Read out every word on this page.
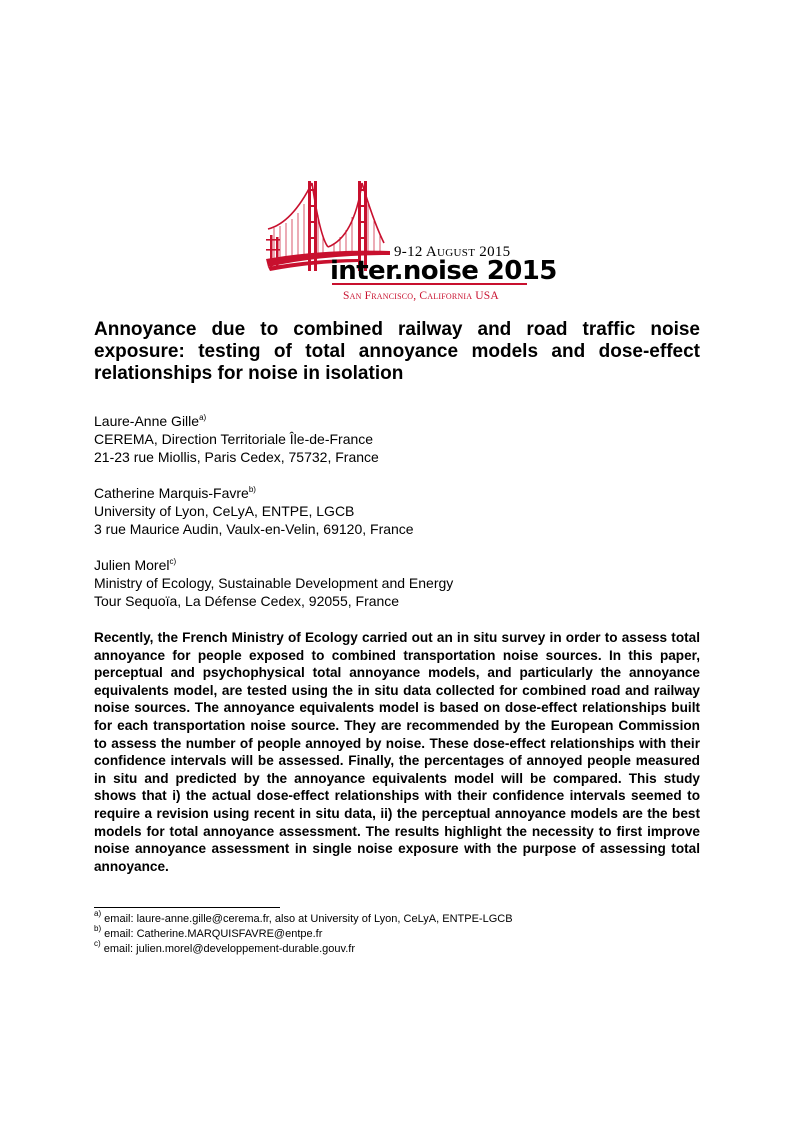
9-12 August 2015
inter.noise 2015
San Francisco, California USA
Annoyance due to combined railway and road traffic noise exposure: testing of total annoyance models and dose-effect relationships for noise in isolation
Laure-Anne Gille$^{a)}$
CEREMA, Direction Territoriale Île-de-France
21-23 rue Miollis, Paris Cedex, 75732, France
Catherine Marquis-Favre$^{b)}$
University of Lyon, CeLyA, ENTPE, LGCB
3 rue Maurice Audin, Vaulx-en-Velin, 69120, France
Julien Morel$^{c)}$
Ministry of Ecology, Sustainable Development and Energy
Tour Sequoïa, La Défense Cedex, 92055, France

Recently, the French Ministry of Ecology carried out an in situ survey in order to assess total annoyance for people exposed to combined transportation noise sources. In this paper, perceptual and psychophysical total annoyance models, and particularly the annoyance equivalents model, are tested using the in situ data collected for combined road and railway noise sources. The annoyance equivalents model is based on dose-effect relationships built for each transportation noise source. They are recommended by the European Commission to assess the number of people annoyed by noise. These dose-effect relationships with their confidence intervals will be assessed. Finally, the percentages of annoyed people measured in situ and predicted by the annoyance equivalents model will be compared. This study shows that i) the actual dose-effect relationships with their confidence intervals seemed to require a revision using recent in situ data, ii) the perceptual annoyance models are the best models for total annoyance assessment. The results highlight the necessity to first improve noise annoyance assessment in single noise exposure with the purpose of assessing total annoyance.

$^{a)}$ email: laure-anne.gille@cerema.fr, also at University of Lyon, CeLyA, ENTPE-LGCB
$^{b)}$ email: Catherine.MARQUISFAVRE@entpe.fr
$^{c)}$ email: julien.morel@developpement-durable.gouv.fr
